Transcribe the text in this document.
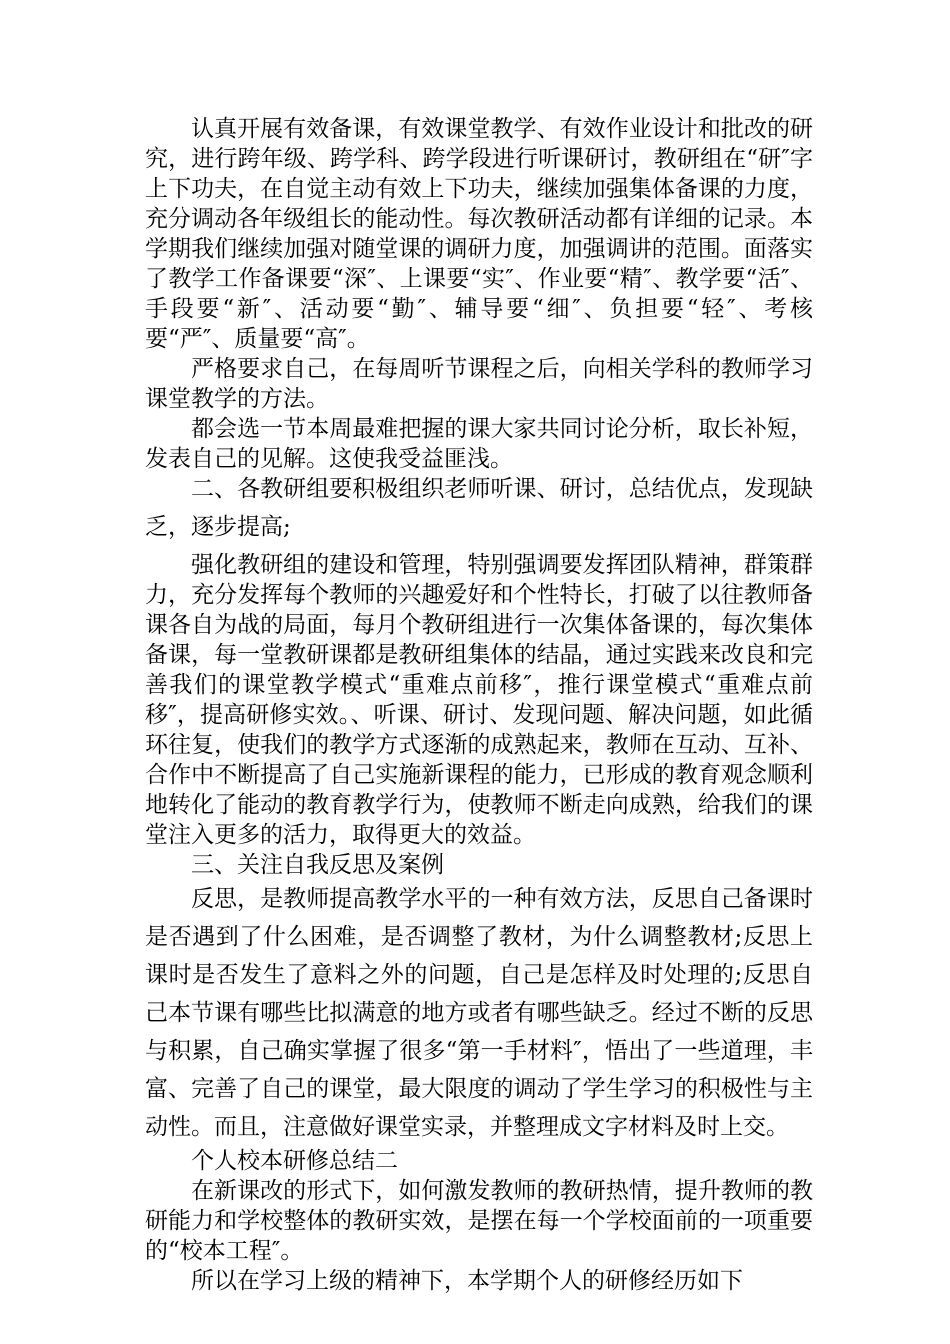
认真开展有效备课，有效课堂教学、有效作业设计和批改的研究，进行跨年级、跨学科、跨学段进行听课研讨，教研组在“研″字上下功夫，在自觉主动有效上下功夫，继续加强集体备课的力度，充分调动各年级组长的能动性。每次教研活动都有详细的记录。本学期我们继续加强对随堂课的调研力度，加强调讲的范围。面落实了教学工作备课要“深″、上课要“实″、作业要“精″、教学要“活″、手段要“新″、活动要“勤″、辅导要“细″、负担要“轻″、考核要“严″、质量要“高″。

严格要求自己，在每周听节课程之后，向相关学科的教师学习课堂教学的方法。

都会选一节本周最难把握的课大家共同讨论分析，取长补短，发表自己的见解。这使我受益匪浅。

二、各教研组要积极组织老师听课、研讨，总结优点，发现缺乏，逐步提高;

强化教研组的建设和管理，特别强调要发挥团队精神，群策群力，充分发挥每个教师的兴趣爱好和个性特长，打破了以往教师备课各自为战的局面，每月个教研组进行一次集体备课的，每次集体备课，每一堂教研课都是教研组集体的结晶，通过实践来改良和完善我们的课堂教学模式“重难点前移″，推行课堂模式“重难点前移″，提高研修实效。、听课、研讨、发现问题、解决问题，如此循环往复，使我们的教学方式逐渐的成熟起来，教师在互动、互补、合作中不断提高了自己实施新课程的能力，已形成的教育观念顺利地转化了能动的教育教学行为，使教师不断走向成熟，给我们的课堂注入更多的活力，取得更大的效益。

三、关注自我反思及案例

反思，是教师提高教学水平的一种有效方法，反思自己备课时是否遇到了什么困难，是否调整了教材，为什么调整教材;反思上课时是否发生了意料之外的问题，自己是怎样及时处理的;反思自己本节课有哪些比拟满意的地方或者有哪些缺乏。经过不断的反思与积累，自己确实掌握了很多“第一手材料″，悟出了一些道理，丰富、完善了自己的课堂，最大限度的调动了学生学习的积极性与主动性。而且，注意做好课堂实录，并整理成文字材料及时上交。

个人校本研修总结二

在新课改的形式下，如何激发教师的教研热情，提升教师的教研能力和学校整体的教研实效，是摆在每一个学校面前的一项重要的“校本工程″。

所以在学习上级的精神下，本学期个人的研修经历如下
